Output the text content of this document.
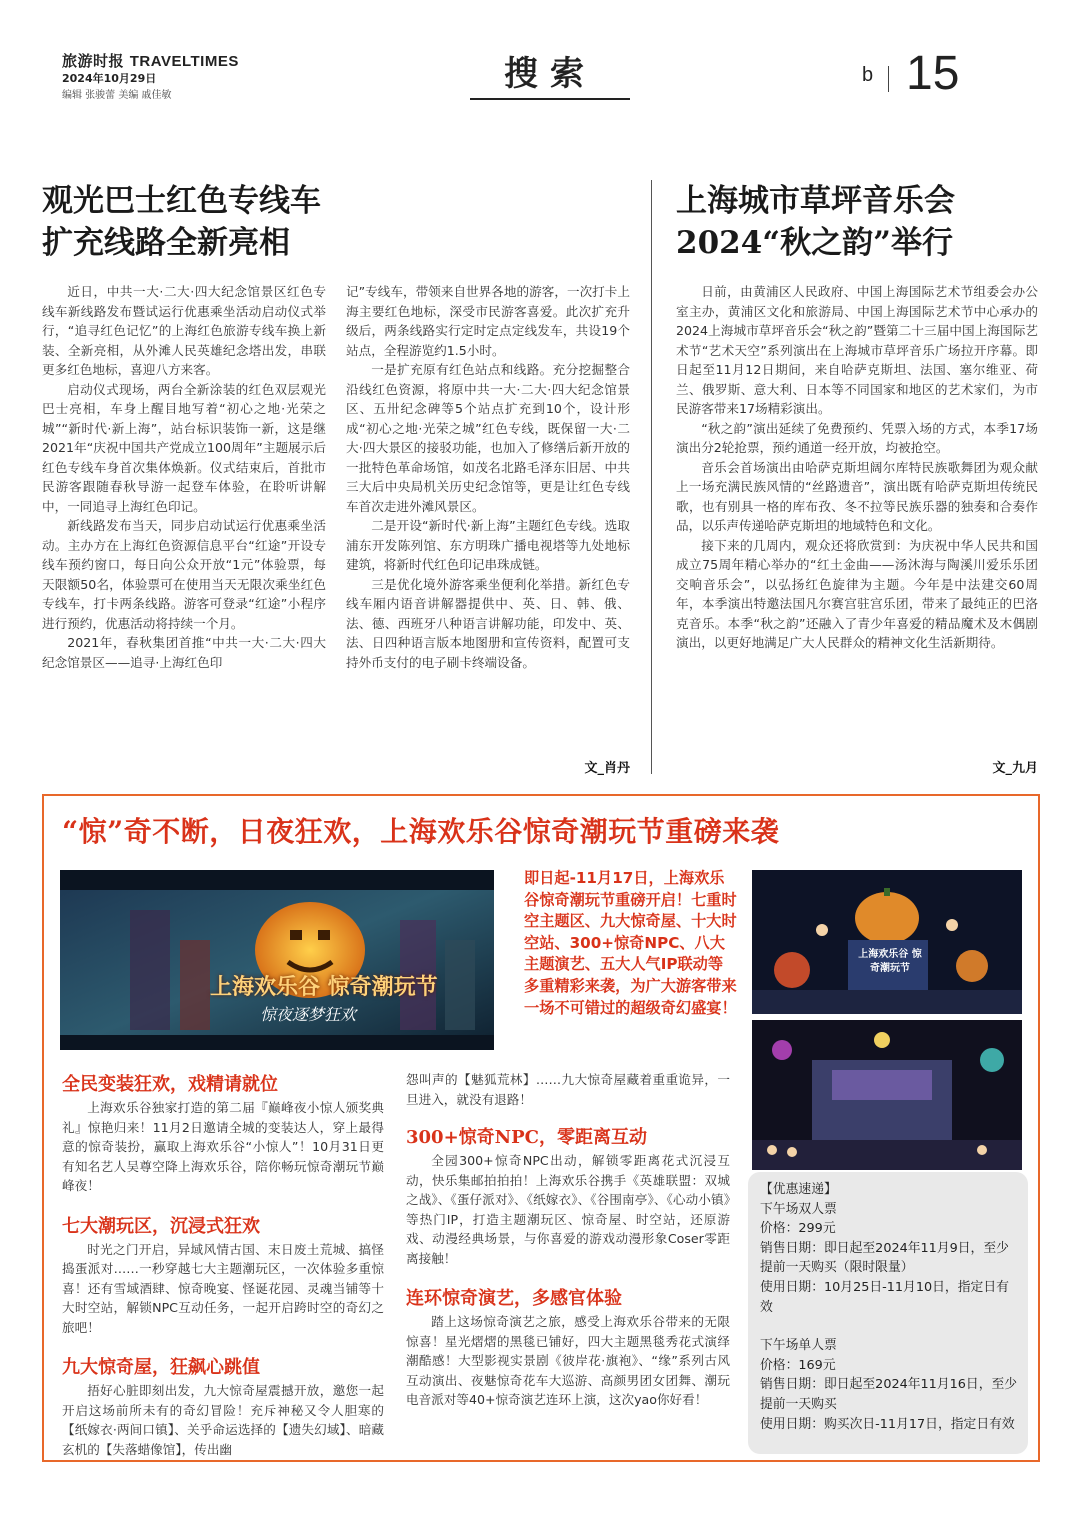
旅游时报 TRAVELTIMES
2024年10月29日
编辑 张骏蕾 美编 戚佳敏
搜索	b 15
观光巴士红色专线车
扩充线路全新亮相

近日，中共一大·二大·四大纪念馆景区红色专线车新线路发布暨试运行优惠乘坐活动启动仪式举行，“追寻红色记忆”的上海红色旅游专线车换上新装、全新亮相，从外滩人民英雄纪念塔出发，串联更多红色地标，喜迎八方来客。

启动仪式现场，两台全新涂装的红色双层观光巴士亮相，车身上醒目地写着“初心之地·光荣之城”“新时代·新上海”，站台标识装饰一新，这是继2021年“庆祝中国共产党成立100周年”主题展示后红色专线车身首次集体焕新。仪式结束后，首批市民游客跟随春秋导游一起登车体验，在聆听讲解中，一同追寻上海红色印记。

新线路发布当天，同步启动试运行优惠乘坐活动。主办方在上海红色资源信息平台“红途”开设专线车预约窗口，每日向公众开放“1元”体验票，每天限额50名，体验票可在使用当天无限次乘坐红色专线车，打卡两条线路。游客可登录“红途”小程序进行预约，优惠活动将持续一个月。

2021年，春秋集团首推“中共一大·二大·四大纪念馆景区——追寻·上海红色印

记”专线车，带领来自世界各地的游客，一次打卡上海主要红色地标，深受市民游客喜爱。此次扩充升级后，两条线路实行定时定点定线发车，共设19个站点，全程游览约1.5小时。

一是扩充原有红色站点和线路。充分挖掘整合沿线红色资源，将原中共一大·二大·四大纪念馆景区、五卅纪念碑等5个站点扩充到10个，设计形成“初心之地·光荣之城”红色专线，既保留一大·二大·四大景区的接驳功能，也加入了修缮后新开放的一批特色革命场馆，如茂名北路毛泽东旧居、中共三大后中央局机关历史纪念馆等，更是让红色专线车首次走进外滩风景区。

二是开设“新时代·新上海”主题红色专线。选取浦东开发陈列馆、东方明珠广播电视塔等九处地标建筑，将新时代红色印记串珠成链。

三是优化境外游客乘坐便利化举措。新红色专线车厢内语音讲解器提供中、英、日、韩、俄、法、德、西班牙八种语言讲解功能，印发中、英、法、日四种语言版本地图册和宣传资料，配置可支持外币支付的电子刷卡终端设备。

文_肖丹
上海城市草坪音乐会
2024“秋之韵”举行

日前，由黄浦区人民政府、中国上海国际艺术节组委会办公室主办，黄浦区文化和旅游局、中国上海国际艺术节中心承办的2024上海城市草坪音乐会“秋之韵”暨第二十三届中国上海国际艺术节“艺术天空”系列演出在上海城市草坪音乐广场拉开序幕。即日起至11月12日期间，来自哈萨克斯坦、法国、塞尔维亚、荷兰、俄罗斯、意大利、日本等不同国家和地区的艺术家们，为市民游客带来17场精彩演出。

“秋之韵”演出延续了免费预约、凭票入场的方式，本季17场演出分2轮抢票，预约通道一经开放，均被抢空。

音乐会首场演出由哈萨克斯坦阔尔库特民族歌舞团为观众献上一场充满民族风情的“丝路遗音”，演出既有哈萨克斯坦传统民歌，也有别具一格的库布孜、冬不拉等民族乐器的独奏和合奏作品，以乐声传递哈萨克斯坦的地域特色和文化。

接下来的几周内，观众还将欣赏到：为庆祝中华人民共和国成立75周年精心举办的“红土金曲——汤沐海与陶溪川爱乐乐团交响音乐会”，以弘扬红色旋律为主题。今年是中法建交60周年，本季演出特邀法国凡尔赛宫驻宫乐团，带来了最纯正的巴洛克音乐。本季“秋之韵”还融入了青少年喜爱的精品魔术及木偶剧演出，以更好地满足广大人民群众的精神文化生活新期待。

文_九月
“惊”奇不断，日夜狂欢，上海欢乐谷惊奇潮玩节重磅来袭
上海欢乐谷 惊奇潮玩节
惊夜逐梦狂欢
即日起-11月17日，上海欢乐谷惊奇潮玩节重磅开启！七重时空主题区、九大惊奇屋、十大时空站、300+惊奇NPC、八大主题演艺、五大人气IP联动等多重精彩来袭，为广大游客带来一场不可错过的超级奇幻盛宴！
上海欢乐谷 惊奇潮玩节
全民变装狂欢，戏精请就位

上海欢乐谷独家打造的第二届『巅峰夜小惊人颁奖典礼』惊艳归来！11月2日邀请全城的变装达人，穿上最得意的惊奇装扮，赢取上海欢乐谷“小惊人”！10月31日更有知名艺人吴尊空降上海欢乐谷，陪你畅玩惊奇潮玩节巅峰夜！

七大潮玩区，沉浸式狂欢

时光之门开启，异域风情古国、末日废土荒城、搞怪捣蛋派对……一秒穿越七大主题潮玩区，一次体验多重惊喜！还有雪域酒肆、惊奇晚宴、怪诞花园、灵魂当铺等十大时空站，解锁NPC互动任务，一起开启跨时空的奇幻之旅吧！

九大惊奇屋，狂飙心跳值

捂好心脏即刻出发，九大惊奇屋震撼开放，邀您一起开启这场前所未有的奇幻冒险！充斥神秘又令人胆寒的【纸嫁衣·两间口镇】、关乎命运选择的【遗失幻域】、暗藏玄机的【失落蜡像馆】，传出幽

怨叫声的【魅狐荒林】……九大惊奇屋藏着重重诡异，一旦进入，就没有退路！

300+惊奇NPC，零距离互动

全园300+惊奇NPC出动，解锁零距离花式沉浸互动，快乐集邮拍拍拍！上海欢乐谷携手《英雄联盟：双城之战》、《蛋仔派对》、《纸嫁衣》、《谷围南亭》、《心动小镇》等热门IP，打造主题潮玩区、惊奇屋、时空站，还原游戏、动漫经典场景，与你喜爱的游戏动漫形象Coser零距离接触！

连环惊奇演艺，多感官体验

踏上这场惊奇演艺之旅，感受上海欢乐谷带来的无限惊喜！星光熠熠的黑毯已铺好，四大主题黑毯秀花式演绎潮酷感！大型影视实景剧《彼岸花·旗袍》、“缘”系列古风互动演出、夜魅惊奇花车大巡游、高颜男团女团舞、潮玩电音派对等40+惊奇演艺连环上演，这次yao你好看！

【优惠速递】
下午场双人票
价格：299元
销售日期：即日起至2024年11月9日，至少提前一天购买（限时限量）
使用日期：10月25日-11月10日，指定日有效
下午场单人票
价格：169元
销售日期：即日起至2024年11月16日，至少提前一天购买
使用日期：购买次日-11月17日，指定日有效
